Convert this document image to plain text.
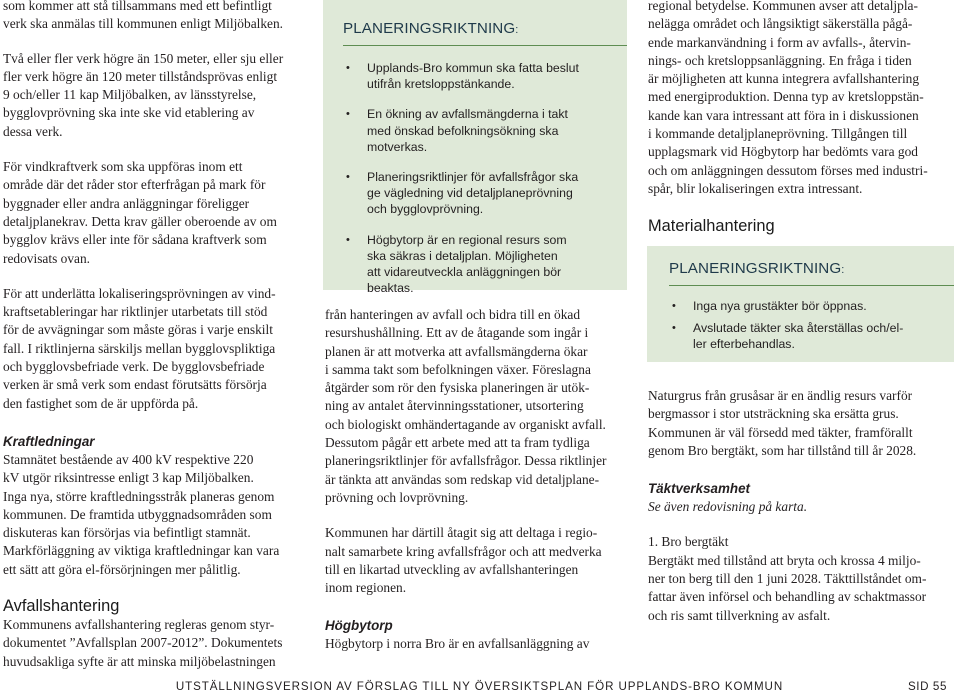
som kommer att stå tillsammans med ett befintligt
verk ska anmälas till kommunen enligt Miljöbalken.

Två eller fler verk högre än 150 meter, eller sju eller
fler verk högre än 120 meter tillståndsprövas enligt
9 och/eller 11 kap Miljöbalken, av länsstyrelse,
bygglovprövning ska inte ske vid etablering av
dessa verk.

För vindkraftverk som ska uppföras inom ett
område där det råder stor efterfrågan på mark för
byggnader eller andra anläggningar föreligger
detaljplanekrav. Detta krav gäller oberoende av om
bygglov krävs eller inte för sådana kraftverk som
redovisats ovan.

För att underlätta lokaliseringsprövningen av vind-
kraftsetableringar har riktlinjer utarbetats till stöd
för de avvägningar som måste göras i varje enskilt
fall. I riktlinjerna särskiljs mellan bygglovspliktiga
och bygglovsbefriade verk. De bygglovsbefriade
verken är små verk som endast förutsätts försörja
den fastighet som de är uppförda på.

Kraftledningar

Stamnätet bestående av 400 kV respektive 220
kV utgör riksintresse enligt 3 kap Miljöbalken.
Inga nya, större kraftledningsstråk planeras genom
kommunen. De framtida utbyggnadsområden som
diskuteras kan försörjas via befintligt stamnät.
Markförläggning av viktiga kraftledningar kan vara
ett sätt att göra el-försörjningen mer pålitlig.

Avfallshantering

Kommunens avfallshantering regleras genom styr-
dokumentet ”Avfallsplan 2007-2012”. Dokumentets
huvudsakliga syfte är att minska miljöbelastningen

PLANERINGSRIKTNING:

• Upplands-Bro kommun ska fatta beslut
utifrån kretsloppstänkande.
• En ökning av avfallsmängderna i takt
med önskad befolkningsökning ska
motverkas.
• Planeringsriktlinjer för avfallsfrågor ska
ge vägledning vid detaljplaneprövning
och bygglovprövning.
• Högbytorp är en regional resurs som
ska säkras i detaljplan. Möjligheten
att vidareutveckla anläggningen bör
beaktas.

från hanteringen av avfall och bidra till en ökad
resurshushållning. Ett av de åtagande som ingår i
planen är att motverka att avfallsmängderna ökar
i samma takt som befolkningen växer. Föreslagna
åtgärder som rör den fysiska planeringen är utök-
ning av antalet återvinningsstationer, utsortering
och biologiskt omhändertagande av organiskt avfall.
Dessutom pågår ett arbete med att ta fram tydliga
planeringsriktlinjer för avfallsfrågor. Dessa riktlinjer
är tänkta att användas som redskap vid detaljplane-
prövning och lovprövning.

Kommunen har därtill åtagit sig att deltaga i regio-
nalt samarbete kring avfallsfrågor och att medverka
till en likartad utveckling av avfallshanteringen
inom regionen.

Högbytorp

Högbytorp i norra Bro är en avfallsanläggning av

regional betydelse. Kommunen avser att detaljpla-
nelägga området och långsiktigt säkerställa pågå-
ende markanvändning i form av avfalls-, återvin-
nings- och kretsloppsanläggning. En fråga i tiden
är möjligheten att kunna integrera avfallshantering
med energiproduktion. Denna typ av kretsloppstän-
kande kan vara intressant att föra in i diskussionen
i kommande detaljplaneprövning. Tillgången till
upplagsmark vid Högbytorp har bedömts vara god
och om anläggningen dessutom förses med industri-
spår, blir lokaliseringen extra intressant.

Materialhantering

PLANERINGSRIKTNING:

• Inga nya grustäkter bör öppnas.
• Avslutade täkter ska återställas och/el-
ler efterbehandlas.

Naturgrus från grusåsar är en ändlig resurs varför
bergmassor i stor utsträckning ska ersätta grus.
Kommunen är väl försedd med täkter, framförallt
genom Bro bergtäkt, som har tillstånd till år 2028.

Täktverksamhet

Se även redovisning på karta.

1. Bro bergtäkt
Bergtäkt med tillstånd att bryta och krossa 4 miljo-
ner ton berg till den 1 juni 2028. Täkttillståndet om-
fattar även införsel och behandling av schaktmassor
och ris samt tillverkning av asfalt.

UTSTÄLLNINGSVERSION AV FÖRSLAG TILL NY ÖVERSIKTSPLAN FÖR UPPLANDS-BRO KOMMUN	SID 55
